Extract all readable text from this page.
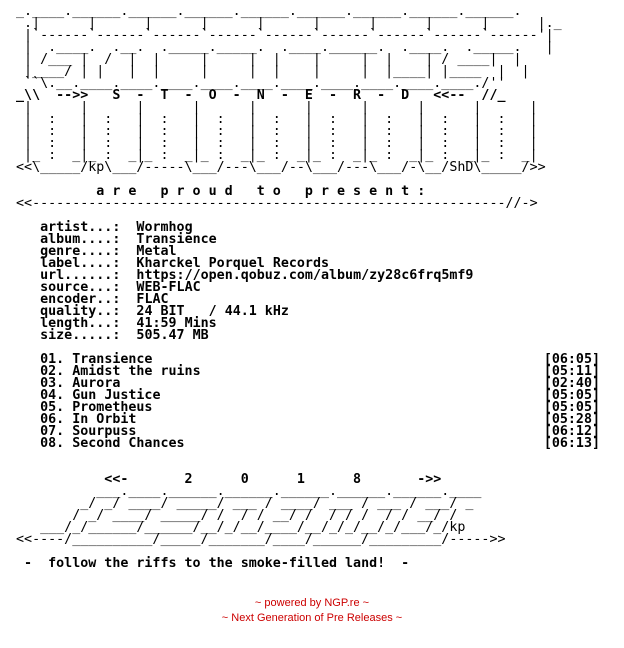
_.____.______.______.______.______.______.______.______.______.
.|      |      |      |      |      |      |      |      |      |._
|`------`------`------`------`------`------`------`------`------'|
|  .____.  .__.  ._____._____.  .____.______.  .____.  ._____.   |
| /___ |  /  |  |     |     |  |    |     |  |    | / ____|  |
|____/ | |   |  |     |     |  |    |     |  |____| |____  |  |
``\.__.____.____.____.____.____.____.____.____.____.____./''
_\\  -->>   S  -  T  -  O  -  N  -  E  -  R  -  D   <<--  //_
|      |      |      |      |      |      |      |      |      |
|  :   |  :   |  :   |  :   |  :   |  :   |  :   |  :   |  :   |
|  :   |  :   |  :   |  :   |  :   |  :   |  :   |  :   |  :   |
|  :   |  :   |  :   |  :   |  :   |  :   |  :   |  :   |  :   |
|_ :  _|_ :  _|_ :  _|_ :  _|_ :  _|_ :  _|_ :  _|_ :  _|_ :  _|
<<\_____/kp\___/-----\___/---\___/--\___/---\___/-\__/ShD\_____/>>
a r e   p r o u d   t o   p r e s e n t :
<<-----------------------------------------------------------//->
artist...: Wormhog
album....: Transience
genre....: Metal
label....: Kharckel Porquel Records
url......: https://open.qobuz.com/album/zy28c6frq5mf9
source...: WEB-FLAC
encoder..: FLAC
quality..: 24 BIT   / 44.1 kHz
length...: 41:59 Mins
size.....: 505.47 MB
01. Transience	[06:05]
02. Amidst the ruins	[05:11]
03. Aurora	[02:40]
04. Gun Justice	[05:05]
05. Prometheus	[05:05]
06. In Orbit	[05:28]
07. Sourpuss	[06:12]
08. Second Chances	[06:13]
<<-       2      0      1      8       ->>
___.____.______.______.______.______.______.____
_/ _/ ____/ _____/ ___ / ____/ ___ / ___ / ___/ _
/ _/ ____/ _____/ /  / / __/ /  / / /  / / __/ /
___/_/______/______/__/_/__/____/__/_/_/__/_/___/_/kp
<<----/__________/_____/_______/____/______/_________/----->>
-  follow the riffs to the smoke-filled land!  -
~ powered by NGP.re ~
~ Next Generation of Pre Releases ~
